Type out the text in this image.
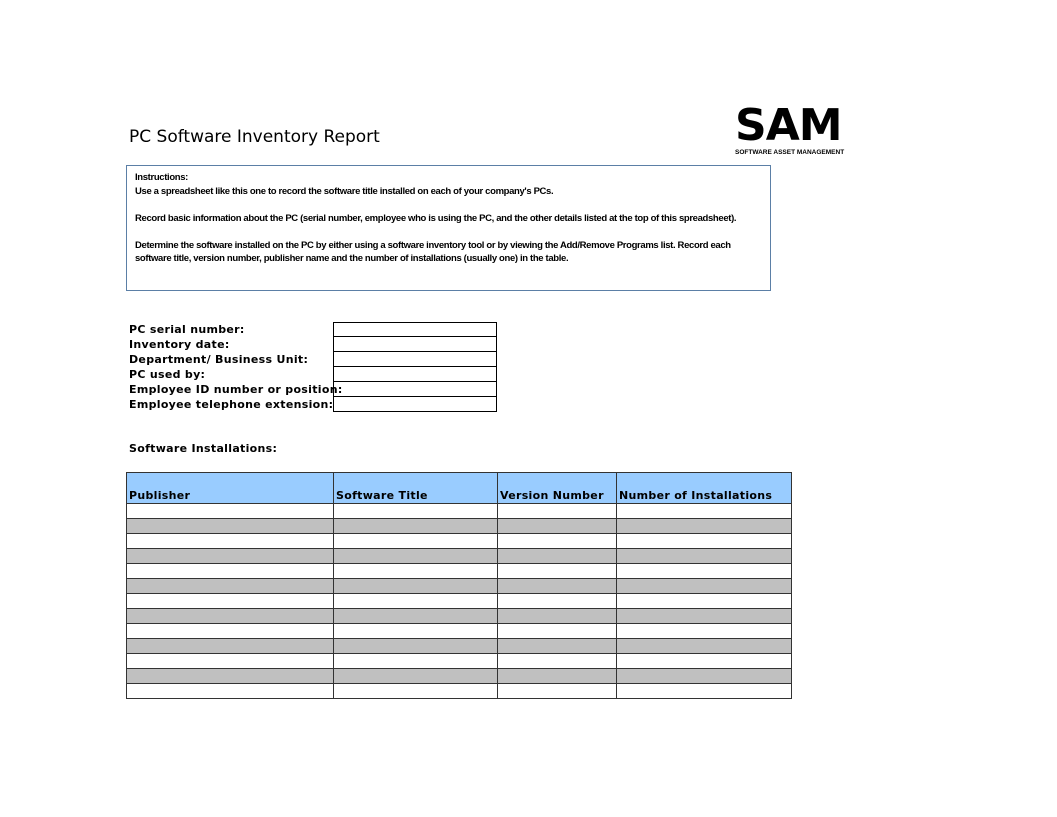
PC Software Inventory Report	SAM
SOFTWARE ASSET MANAGEMENT

Instructions:

Use a spreadsheet like this one to record the software title installed on each of your company's PCs.

Record basic information about the PC (serial number, employee who is using the PC, and the other details listed at the top of this spreadsheet).

Determine the software installed on the PC by either using a software inventory tool or by viewing the Add/Remove Programs list. Record each software title, version number, publisher name and the number of installations (usually one) in the table.

PC serial number:
Inventory date:
Department/ Business Unit:
PC used by:
Employee ID number or position:
Employee telephone extension:
Software Installations:
Publisher	Software Title	Version Number	Number of Installations
